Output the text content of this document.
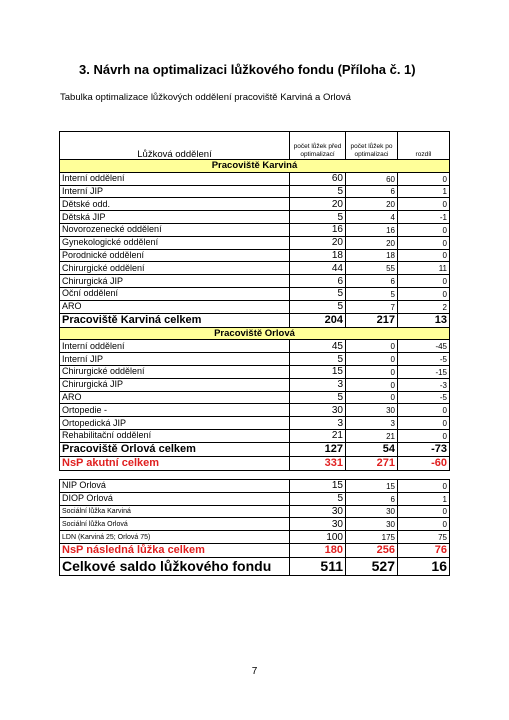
3. Návrh na optimalizaci lůžkového fondu (Příloha č. 1)
Tabulka optimalizace lůžkových oddělení pracoviště Karviná a Orlová
Lůžková oddělení	počet lůžek před optimalizací	počet lůžek po optimalizaci	rozdíl
Pracoviště Karviná			
Interní oddělení	60	60	0
Interní JIP	5	6	1
Dětské odd.	20	20	0
Dětská JIP	5	4	-1
Novorozenecké oddělení	16	16	0
Gynekologické oddělení	20	20	0
Porodnické oddělení	18	18	0
Chirurgické oddělení	44	55	11
Chirurgická JIP	6	6	0
Oční oddělení	5	5	0
ARO	5	7	2
Pracoviště Karviná celkem	204	217	13
Pracoviště Orlová			
Interní oddělení	45	0	-45
Interní JIP	5	0	-5
Chirurgické oddělení	15	0	-15
Chirurgická JIP	3	0	-3
ARO	5	0	-5
Ortopedie -	30	30	0
Ortopedická JIP	3	3	0
Rehabilitační oddělení	21	21	0
Pracoviště Orlová celkem	127	54	-73
NsP akutní celkem	331	271	-60
NIP Orlová	15	15	0
DIOP Orlová	5	6	1
Sociální lůžka Karviná	30	30	0
Sociální lůžka Orlová	30	30	0
LDN (Karviná 25; Orlová 75)	100	175	75
NsP následná lůžka celkem	180	256	76
Celkové saldo lůžkového fondu	511	527	16
7
